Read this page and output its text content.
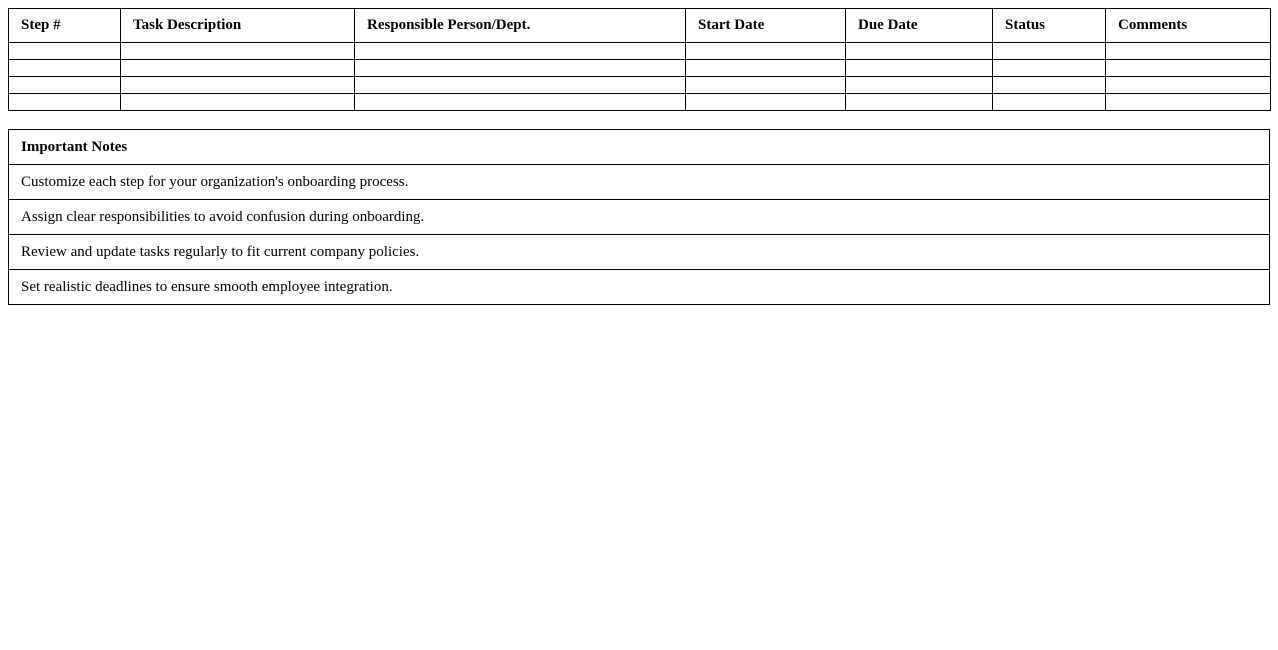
Step #	Task Description	Responsible Person/Dept.	Start Date	Due Date	Status	Comments

Important Notes
Customize each step for your organization's onboarding process.
Assign clear responsibilities to avoid confusion during onboarding.
Review and update tasks regularly to fit current company policies.
Set realistic deadlines to ensure smooth employee integration.
